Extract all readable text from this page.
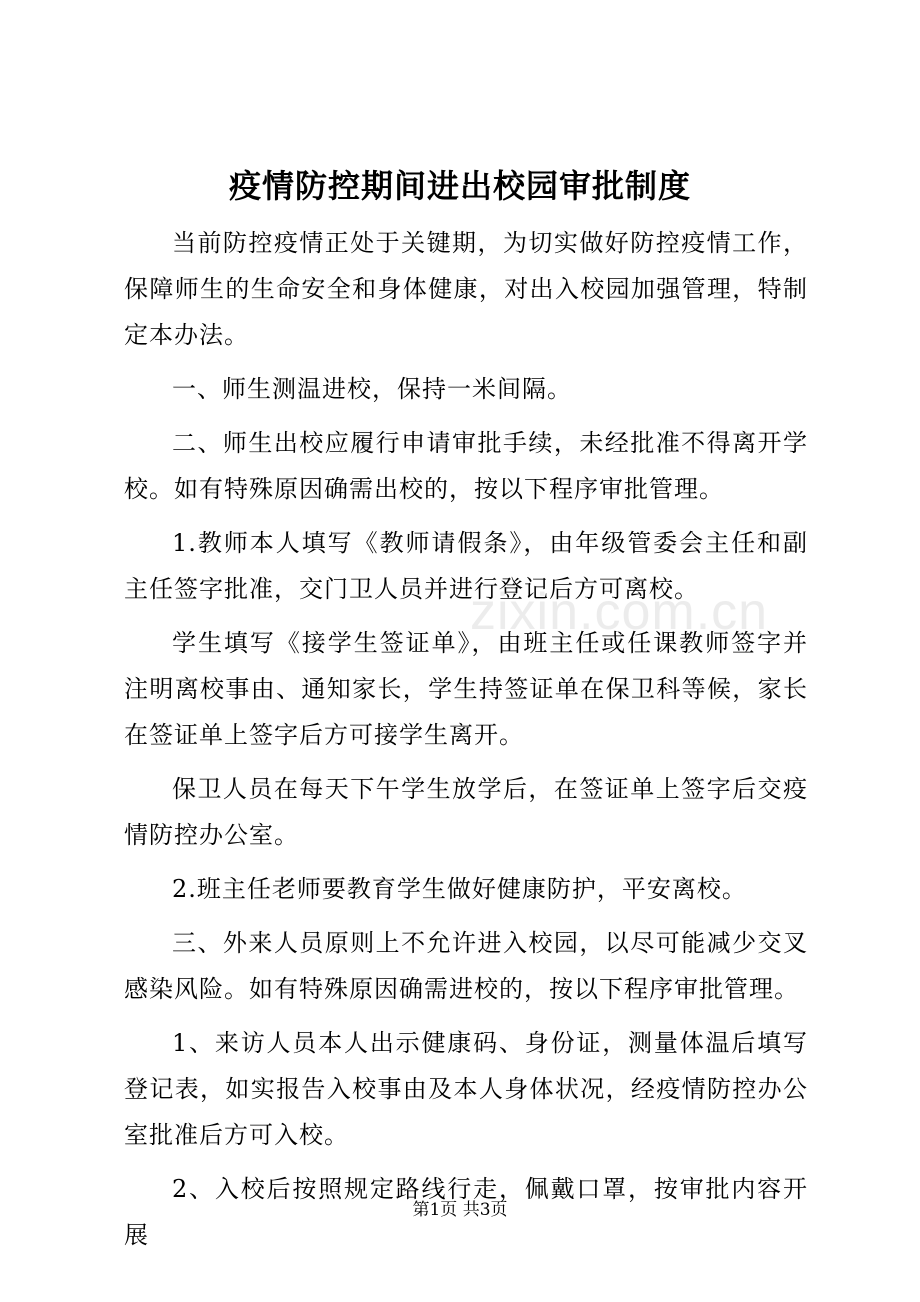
疫情防控期间进出校园审批制度

当前防控疫情正处于关键期，为切实做好防控疫情工作，保障师生的生命安全和身体健康，对出入校园加强管理，特制定本办法。

一、师生测温进校，保持一米间隔。

二、师生出校应履行申请审批手续，未经批准不得离开学校。如有特殊原因确需出校的，按以下程序审批管理。

1.教师本人填写《教师请假条》，由年级管委会主任和副主任签字批准，交门卫人员并进行登记后方可离校。

学生填写《接学生签证单》，由班主任或任课教师签字并注明离校事由、通知家长，学生持签证单在保卫科等候，家长在签证单上签字后方可接学生离开。

保卫人员在每天下午学生放学后，在签证单上签字后交疫情防控办公室。

2.班主任老师要教育学生做好健康防护，平安离校。

三、外来人员原则上不允许进入校园，以尽可能减少交叉感染风险。如有特殊原因确需进校的，按以下程序审批管理。

1、来访人员本人出示健康码、身份证，测量体温后填写登记表，如实报告入校事由及本人身体状况，经疫情防控办公室批准后方可入校。

2、入校后按照规定路线行走，佩戴口罩，按审批内容开展

zixin.com.cn
第1页 共3页
